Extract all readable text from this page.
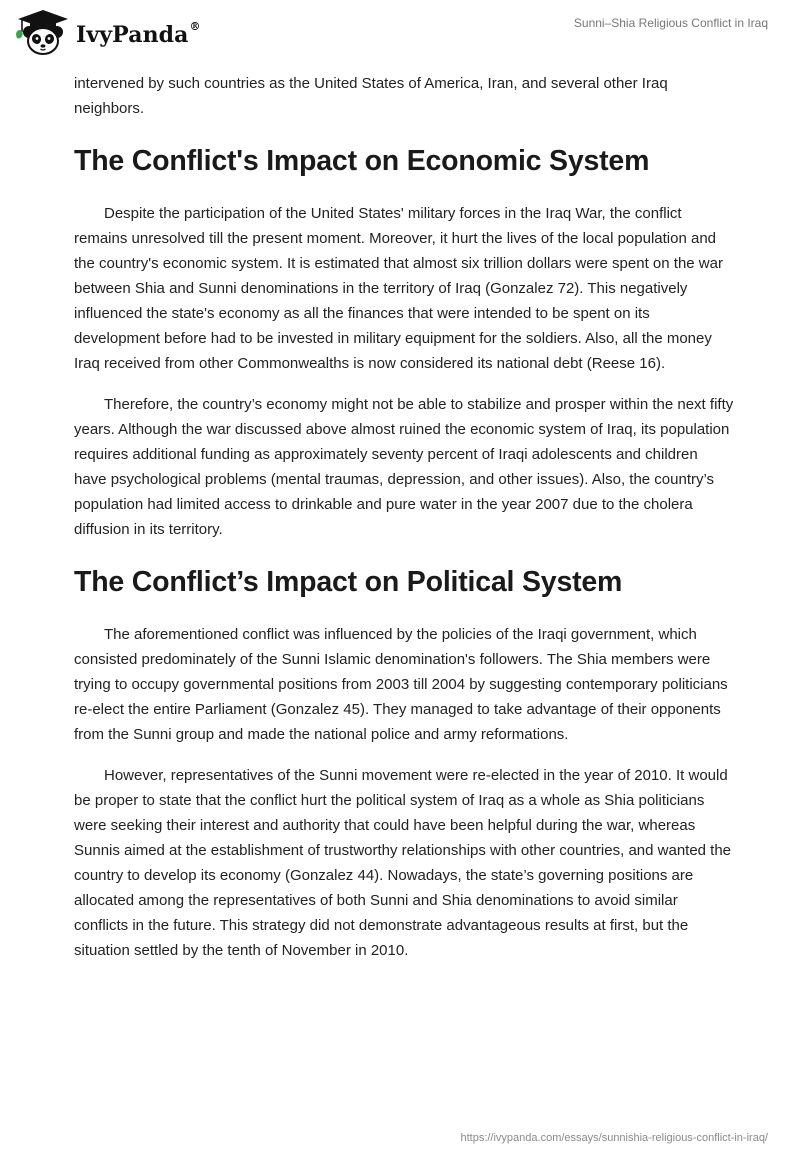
IvyPanda®	Sunni–Shia Religious Conflict in Iraq

intervened by such countries as the United States of America, Iran, and several other Iraq neighbors.

The Conflict's Impact on Economic System

Despite the participation of the United States' military forces in the Iraq War, the conflict remains unresolved till the present moment. Moreover, it hurt the lives of the local population and the country's economic system. It is estimated that almost six trillion dollars were spent on the war between Shia and Sunni denominations in the territory of Iraq (Gonzalez 72). This negatively influenced the state's economy as all the finances that were intended to be spent on its development before had to be invested in military equipment for the soldiers. Also, all the money Iraq received from other Commonwealths is now considered its national debt (Reese 16).

Therefore, the country’s economy might not be able to stabilize and prosper within the next fifty years. Although the war discussed above almost ruined the economic system of Iraq, its population requires additional funding as approximately seventy percent of Iraqi adolescents and children have psychological problems (mental traumas, depression, and other issues). Also, the country’s population had limited access to drinkable and pure water in the year 2007 due to the cholera diffusion in its territory.

The Conflict’s Impact on Political System

The aforementioned conflict was influenced by the policies of the Iraqi government, which consisted predominately of the Sunni Islamic denomination's followers. The Shia members were trying to occupy governmental positions from 2003 till 2004 by suggesting contemporary politicians re-elect the entire Parliament (Gonzalez 45). They managed to take advantage of their opponents from the Sunni group and made the national police and army reformations.

However, representatives of the Sunni movement were re-elected in the year of 2010. It would be proper to state that the conflict hurt the political system of Iraq as a whole as Shia politicians were seeking their interest and authority that could have been helpful during the war, whereas Sunnis aimed at the establishment of trustworthy relationships with other countries, and wanted the country to develop its economy (Gonzalez 44). Nowadays, the state’s governing positions are allocated among the representatives of both Sunni and Shia denominations to avoid similar conflicts in the future. This strategy did not demonstrate advantageous results at first, but the situation settled by the tenth of November in 2010.

https://ivypanda.com/essays/sunnishia-religious-conflict-in-iraq/
